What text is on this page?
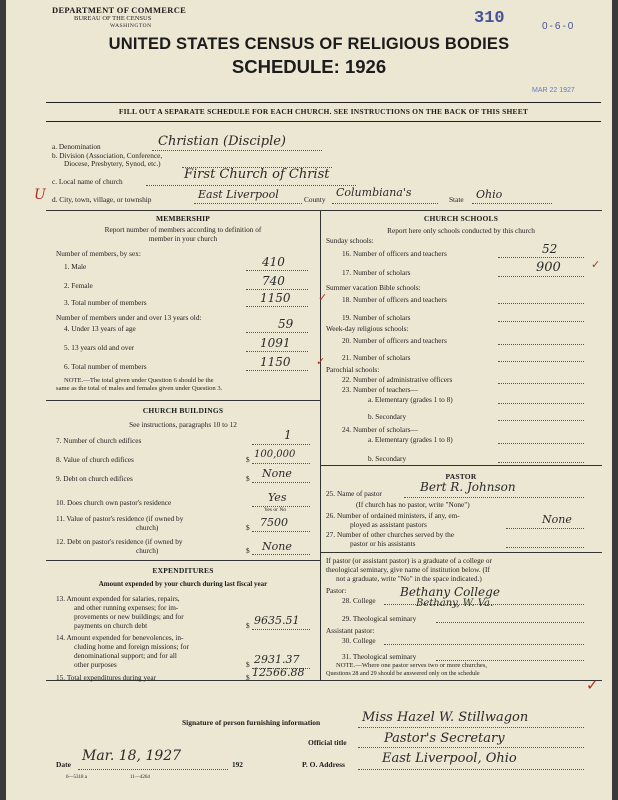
DEPARTMENT OF COMMERCE
BUREAU OF THE CENSUS
WASHINGTON	310	0-6-0
MAR 22 1927
UNITED STATES CENSUS OF RELIGIOUS BODIES
SCHEDULE: 1926
FILL OUT A SEPARATE SCHEDULE FOR EACH CHURCH. SEE INSTRUCTIONS ON THE BACK OF THIS SHEET
a. Denomination	Christian (Disciple)
b. Division (Association, Conference,
Diocese, Presbytery, Synod, etc.)
c. Local name of church	First Church of Christ
U d. City, town, village, or township	East Liverpool	County
Columbiana's
State Ohio
MEMBERSHIP
Report number of members according to definition of
member in your church
Number of members, by sex:
1. Male	410
2. Female	740
3. Total number of members	1150
Number of members under and over 13 years old:
4. Under 13 years of age	59
5. 13 years old and over	1091
6. Total number of members	1150
NOTE.—The total given under Question 6 should be the
same as the total of males and females given under Question 3.
CHURCH BUILDINGS
See instructions, paragraphs 10 to 12
7. Number of church edifices	1
8. Value of church edifices	$ 100,000
9. Debt on church edifices	$ None
10. Does church own pastor's residence	Yes
Yes or No
11. Value of pastor's residence (if owned by
church)	$ 7500
12. Debt on pastor's residence (if owned by
church)	$ None
EXPENDITURES
Amount expended by your church during last fiscal year
13. Amount expended for salaries, repairs,
and other running expenses; for im-
provements or new buildings; and for
payments on church debt	$ 9635.51
14. Amount expended for benevolences, in-
cluding home and foreign missions; for
denominational support; and for all
other purposes	$ 2931.37
15. Total expenditures during year	$ 12566.88
CHURCH SCHOOLS
Report here only schools conducted by this church
Sunday schools:
16. Number of officers and teachers	52
17. Number of scholars	900
Summer vacation Bible schools:
18. Number of officers and teachers
19. Number of scholars
Week-day religious schools:
20. Number of officers and teachers
21. Number of scholars
Parochial schools:
22. Number of administrative officers
23. Number of teachers—
a. Elementary (grades 1 to 8)
b. Secondary
24. Number of scholars—
a. Elementary (grades 1 to 8)
b. Secondary
PASTOR
25. Name of pastor	Bert R. Johnson
(If church has no pastor, write "None")
26. Number of ordained ministers, if any, em-
ployed as assistant pastors	None
27. Number of other churches served by the
pastor or his assistants
If pastor (or assistant pastor) is a graduate of a college or
theological seminary, give name of institution below. (If
not a graduate, write "No" in the space indicated.)
Pastor:
28. College
Bethany College
Bethany, W. Va.
29. Theological seminary
Assistant pastor:
30. College
31. Theological seminary
NOTE.—Where one pastor serves two or more churches,
Questions 28 and 29 should be answered only on the schedule
✓
✓
✓
✓
Signature of person furnishing information	Miss Hazel W. Stillwagon
Official title	Pastor's Secretary
Date
Mar. 18, 1927
192	P. O. Address	East Liverpool, Ohio
6—5318 a	11—4264
